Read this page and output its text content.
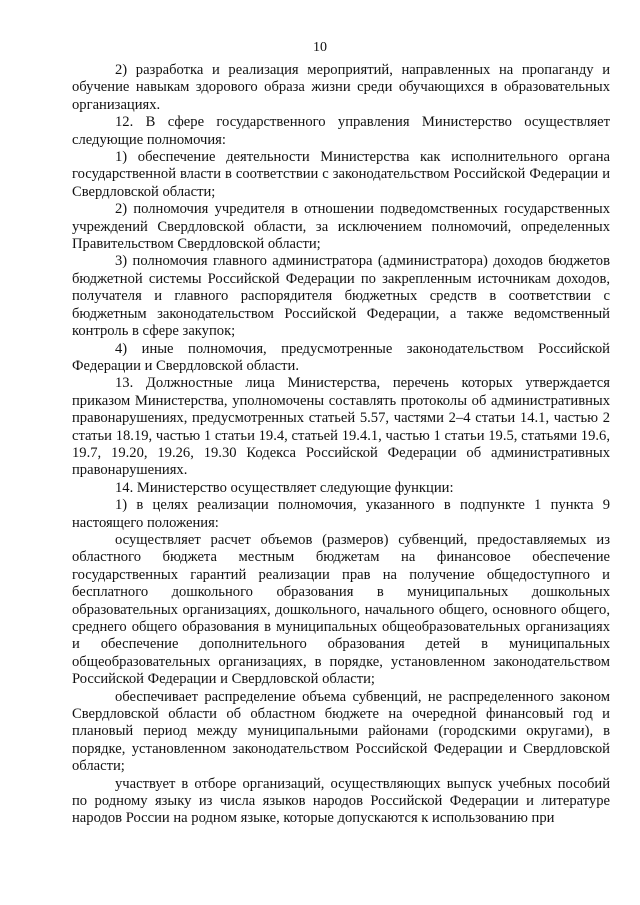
10

2) разработка и реализация мероприятий, направленных на пропаганду и обучение навыкам здорового образа жизни среди обучающихся в образовательных организациях.

12. В сфере государственного управления Министерство осуществляет следующие полномочия:

1) обеспечение деятельности Министерства как исполнительного органа государственной власти в соответствии с законодательством Российской Федерации и Свердловской области;

2) полномочия учредителя в отношении подведомственных государственных учреждений Свердловской области, за исключением полномочий, определенных Правительством Свердловской области;

3) полномочия главного администратора (администратора) доходов бюджетов бюджетной системы Российской Федерации по закрепленным источникам доходов, получателя и главного распорядителя бюджетных средств в соответствии с бюджетным законодательством Российской Федерации, а также ведомственный контроль в сфере закупок;

4) иные полномочия, предусмотренные законодательством Российской Федерации и Свердловской области.

13. Должностные лица Министерства, перечень которых утверждается приказом Министерства, уполномочены составлять протоколы об административных правонарушениях, предусмотренных статьей 5.57, частями 2–4 статьи 14.1, частью 2 статьи 18.19, частью 1 статьи 19.4, статьей 19.4.1, частью 1 статьи 19.5, статьями 19.6, 19.7, 19.20, 19.26, 19.30 Кодекса Российской Федерации об административных правонарушениях.

14. Министерство осуществляет следующие функции:

1) в целях реализации полномочия, указанного в подпункте 1 пункта 9 настоящего положения:

осуществляет расчет объемов (размеров) субвенций, предоставляемых из областного бюджета местным бюджетам на финансовое обеспечение государственных гарантий реализации прав на получение общедоступного и бесплатного дошкольного образования в муниципальных дошкольных образовательных организациях, дошкольного, начального общего, основного общего, среднего общего образования в муниципальных общеобразовательных организациях и обеспечение дополнительного образования детей в муниципальных общеобразовательных организациях, в порядке, установленном законодательством Российской Федерации и Свердловской области;

обеспечивает распределение объема субвенций, не распределенного законом Свердловской области об областном бюджете на очередной финансовый год и плановый период между муниципальными районами (городскими округами), в порядке, установленном законодательством Российской Федерации и Свердловской области;

участвует в отборе организаций, осуществляющих выпуск учебных пособий по родному языку из числа языков народов Российской Федерации и литературе народов России на родном языке, которые допускаются к использованию при
